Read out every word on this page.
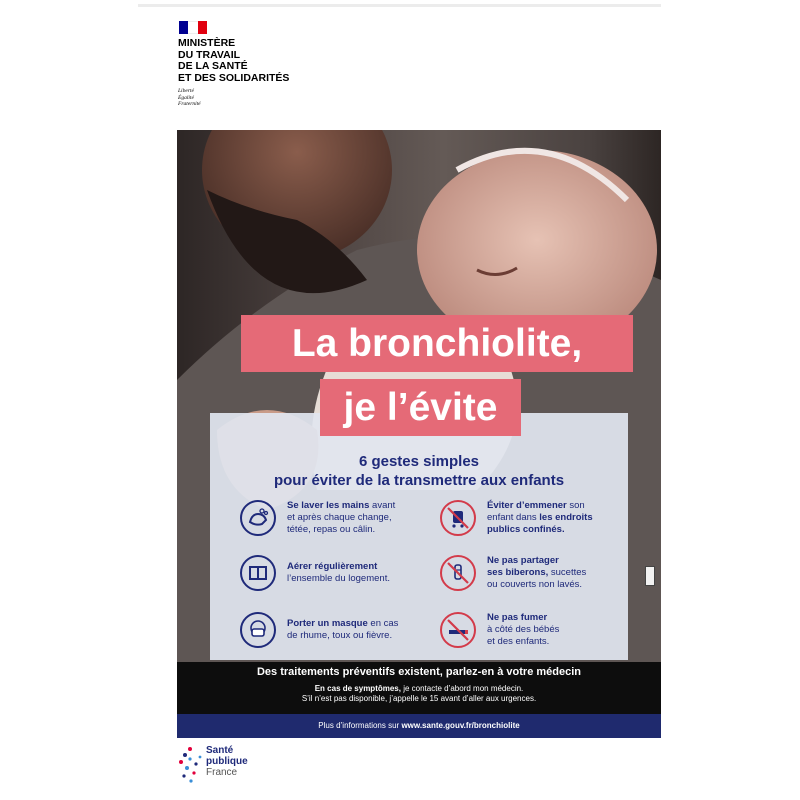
MINISTÈRE
DU TRAVAIL
DE LA SANTÉ
ET DES SOLIDARITÉS
Liberté
Égalité
Fraternité
La bronchiolite,
je l’évite
6 gestes simples
pour éviter de la transmettre aux enfants
Se laver les mains avant
et après chaque change,
tétée, repas ou câlin.
Aérer régulièrement
l’ensemble du logement.
Porter un masque en cas
de rhume, toux ou fièvre.
Éviter d’emmener son
enfant dans les endroits
publics confinés.
Ne pas partager
ses biberons, sucettes
ou couverts non lavés.
Ne pas fumer
à côté des bébés
et des enfants.
Des traitements préventifs existent, parlez-en à votre médecin
En cas de symptômes, je contacte d’abord mon médecin.
S’il n’est pas disponible, j’appelle le 15 avant d’aller aux urgences.
Plus d’informations sur www.sante.gouv.fr/bronchiolite
Santé
publique
France
